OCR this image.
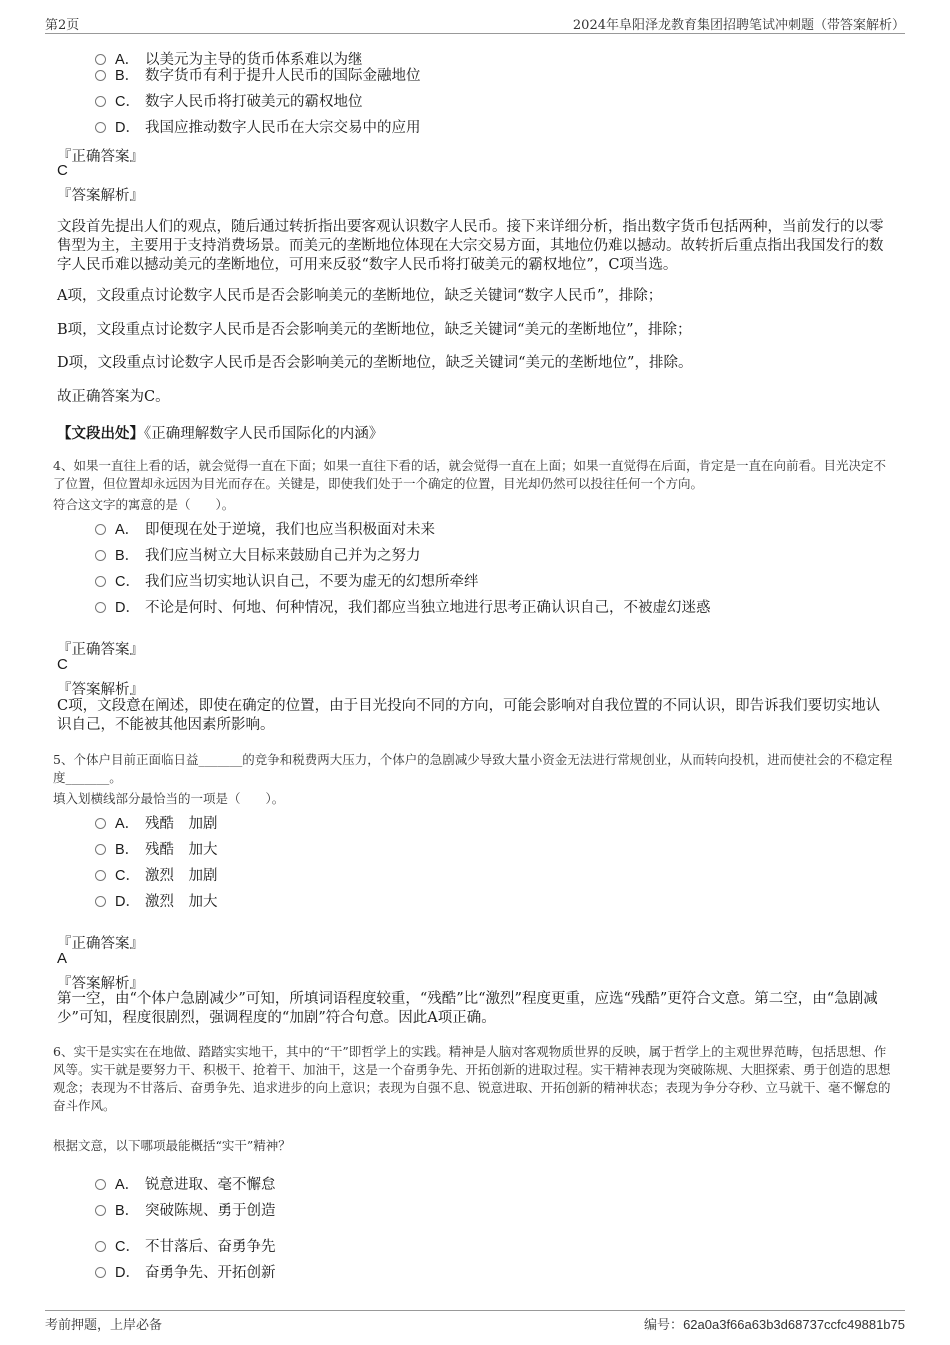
第2页	2024年阜阳泽龙教育集团招聘笔试冲刺题（带答案解析）
A． 以美元为主导的货币体系难以为继
B． 数字货币有利于提升人民币的国际金融地位
C． 数字人民币将打破美元的霸权地位
D． 我国应推动数字人民币在大宗交易中的应用
『正确答案』
C
『答案解析』
文段首先提出人们的观点，随后通过转折指出要客观认识数字人民币。接下来详细分析，指出数字货币包括两种，当前发行的以零售型为主，主要用于支持消费场景。而美元的垄断地位体现在大宗交易方面，其地位仍难以撼动。故转折后重点指出我国发行的数字人民币难以撼动美元的垄断地位，可用来反驳“数字人民币将打破美元的霸权地位”，C项当选。
A项，文段重点讨论数字人民币是否会影响美元的垄断地位，缺乏关键词“数字人民币”，排除；
B项，文段重点讨论数字人民币是否会影响美元的垄断地位，缺乏关键词“美元的垄断地位”，排除；
D项，文段重点讨论数字人民币是否会影响美元的垄断地位，缺乏关键词“美元的垄断地位”，排除。
故正确答案为C。
【文段出处】《正确理解数字人民币国际化的内涵》
4、如果一直往上看的话，就会觉得一直在下面；如果一直往下看的话，就会觉得一直在上面；如果一直觉得在后面，肯定是一直在向前看。目光决定不了位置，但位置却永远因为目光而存在。关键是，即使我们处于一个确定的位置，目光却仍然可以投往任何一个方向。
符合这文字的寓意的是（　　）。
A． 即便现在处于逆境，我们也应当积极面对未来
B． 我们应当树立大目标来鼓励自己并为之努力
C． 我们应当切实地认识自己，不要为虚无的幻想所牵绊
D． 不论是何时、何地、何种情况，我们都应当独立地进行思考正确认识自己，不被虚幻迷惑
『正确答案』
C
『答案解析』
C项，文段意在阐述，即使在确定的位置，由于目光投向不同的方向，可能会影响对自我位置的不同认识，即告诉我们要切实地认识自己，不能被其他因素所影响。
5、个体户目前正面临日益_______的竞争和税费两大压力，个体户的急剧减少导致大量小资金无法进行常规创业，从而转向投机，进而使社会的不稳定程度_______。
填入划横线部分最恰当的一项是（　　）。
A． 残酷　加剧
B． 残酷　加大
C． 激烈　加剧
D． 激烈　加大
『正确答案』
A
『答案解析』
第一空，由“个体户急剧减少”可知，所填词语程度较重，“残酷”比“激烈”程度更重，应选“残酷”更符合文意。第二空，由“急剧减少”可知，程度很剧烈，强调程度的“加剧”符合句意。因此A项正确。
6、实干是实实在在地做、踏踏实实地干，其中的“干”即哲学上的实践。精神是人脑对客观物质世界的反映，属于哲学上的主观世界范畴，包括思想、作风等。实干就是要努力干、积极干、抢着干、加油干，这是一个奋勇争先、开拓创新的进取过程。实干精神表现为突破陈规、大胆探索、勇于创造的思想观念；表现为不甘落后、奋勇争先、追求进步的向上意识；表现为自强不息、锐意进取、开拓创新的精神状态；表现为争分夺秒、立马就干、毫不懈怠的奋斗作风。
根据文意，以下哪项最能概括“实干”精神？
A． 锐意进取、毫不懈怠
B． 突破陈规、勇于创造
C． 不甘落后、奋勇争先
D． 奋勇争先、开拓创新
考前押题，上岸必备	编号：62a0a3f66a63b3d68737ccfc49881b75
